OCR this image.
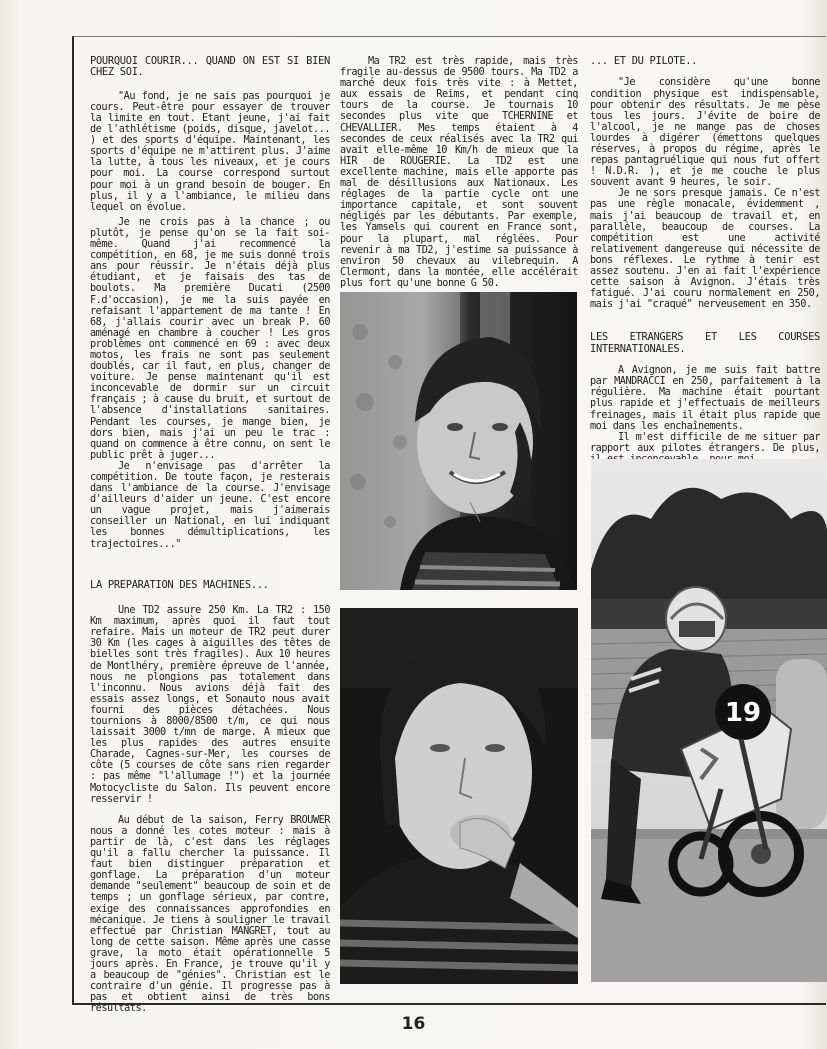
POURQUOI COURIR... QUAND ON EST SI BIEN CHEZ SOI.

"Au fond, je ne sais pas pourquoi je cours. Peut-être pour essayer de trouver la limite en tout. Etant jeune, j'ai fait de l'athlétisme (poids, disque, javelot... ) et des sports d'équipe. Maintenant, les sports d'équipe ne m'attirent plus. J'aime la lutte, à tous les niveaux, et je cours pour moi. La course correspond surtout pour moi à un grand besoin de bouger. En plus, il y a l'ambiance, le milieu dans lequel on évolue.

Je ne crois pas à la chance ; ou plutôt, je pense qu'on se la fait soi-même. Quand j'ai recommencé la compétition, en 68, je me suis donné trois ans pour réussir. Je n'étais déjà plus étudiant, et je faisais des tas de boulots. Ma première Ducati (2500 F.d'occasion), je me la suis payée en refaisant l'appartement de ma tante ! En 68, j'allais courir avec un break P. 60 aménagé en chambre à coucher ! Les gros problèmes ont commencé en 69 : avec deux motos, les frais ne sont pas seulement doublés, car il faut, en plus, changer de voiture. Je pense maintenant qu'il est inconcevable de dormir sur un circuit français ; à cause du bruit, et surtout de l'absence d'installations sanitaires. Pendant les courses, je mange bien, je dors bien, mais j'ai un peu le trac : quand on commence à être connu, on sent le public prêt à juger...

Je n'envisage pas d'arrêter la compétition. De toute façon, je resterais dans l'ambiance de la course. J'envisage d'ailleurs d'aider un jeune. C'est encore un vague projet, mais j'aimerais conseiller un National, en lui indiquant les bonnes démultiplications, les trajectoires..."

LA PREPARATION DES MACHINES...

Une TD2 assure 250 Km. La TR2 : 150 Km maximum, après quoi il faut tout refaire. Mais un moteur de TR2 peut durer 30 Km (les cages à aiguilles des têtes de bielles sont très fragiles). Aux 10 heures de Montlhéry, première épreuve de l'année, nous ne plongions pas totalement dans l'inconnu. Nous avions déjà fait des essais assez longs, et Sonauto nous avait fourni des pièces détachées. Nous tournions à 8000/8500 t/m, ce qui nous laissait 3000 t/mn de marge. A mieux que les plus rapides des autres ensuite Charade, Cagnes-sur-Mer, les courses de côte (5 courses de côte sans rien regarder : pas même "l'allumage !") et la journée Motocycliste du Salon. Ils peuvent encore resservir !

Au début de la saison, Ferry BROUWER nous a donné les cotes moteur : mais à partir de là, c'est dans les réglages qu'il a fallu chercher la puissance. Il faut bien distinguer préparation et gonflage. La préparation d'un moteur demande "seulement" beaucoup de soin et de temps ; un gonflage sérieux, par contre, exige des connaissances approfondies en mécanique. Je tiens à souligner le travail effectué par Christian MANGRET, tout au long de cette saison. Même après une casse grave, la moto était opérationnelle 5 jours après. En France, je trouve qu'il y a beaucoup de "génies". Christian est le contraire d'un génie. Il progresse pas à pas et obtient ainsi de très bons résultats.

Ma TR2 est très rapide, mais très fragile au-dessus de 9500 tours. Ma TD2 a marché deux fois très vite : à Mettet, aux essais de Reims, et pendant cinq tours de la course. Je tournais 10 secondes plus vite que TCHERNINE et CHEVALLIER. Mes temps étaient à 4 secondes de ceux réalisés avec la TR2 qui avait elle-même 10 Km/h de mieux que la HIR de ROUGERIE. La TD2 est une excellente machine, mais elle apporte pas mal de désillusions aux Nationaux. Les réglages de la partie cycle ont une importance capitale, et sont souvent négligés par les débutants. Par exemple, les Yamsels qui courent en France sont, pour la plupart, mal réglées. Pour revenir à ma TD2, j'estime sa puissance à environ 50 chevaux au vilebrequin. A Clermont, dans la montée, elle accélérait plus fort qu'une bonne G 50.

... ET DU PILOTE..

"Je considère qu'une bonne condition physique est indispensable, pour obtenir des résultats. Je me pèse tous les jours. J'évite de boire de l'alcool, je ne mange pas de choses lourdes à digérer (émettons quelques réserves, à propos du régime, après le repas pantagruélique qui nous fut offert ! N.D.R. ), et je me couche le plus souvent avant 9 heures, le soir.

Je ne sors presque jamais. Ce n'est pas une règle monacale, évidemment , mais j'ai beaucoup de travail et, en parallèle, beaucoup de courses. La compétition est une activité relativement dangereuse qui nécessite de bons réflexes. Le rythme à tenir est assez soutenu. J'en ai fait l'expérience cette saison à Avignon. J'étais très fatigué. J'ai couru normalement en 250, mais j'ai "craqué" nerveusement en 350.

LES ETRANGERS ET LES COURSES INTERNATIONALES.

A Avignon, je me suis fait battre par MANDRACCI en 250, parfaitement à la régulière. Ma machine était pourtant plus rapide et j'effectuais de meilleurs freinages, mais il était plus rapide que moi dans les enchaînements.

Il m'est difficile de me situer par rapport aux pilotes étrangers. De plus,

19
16
